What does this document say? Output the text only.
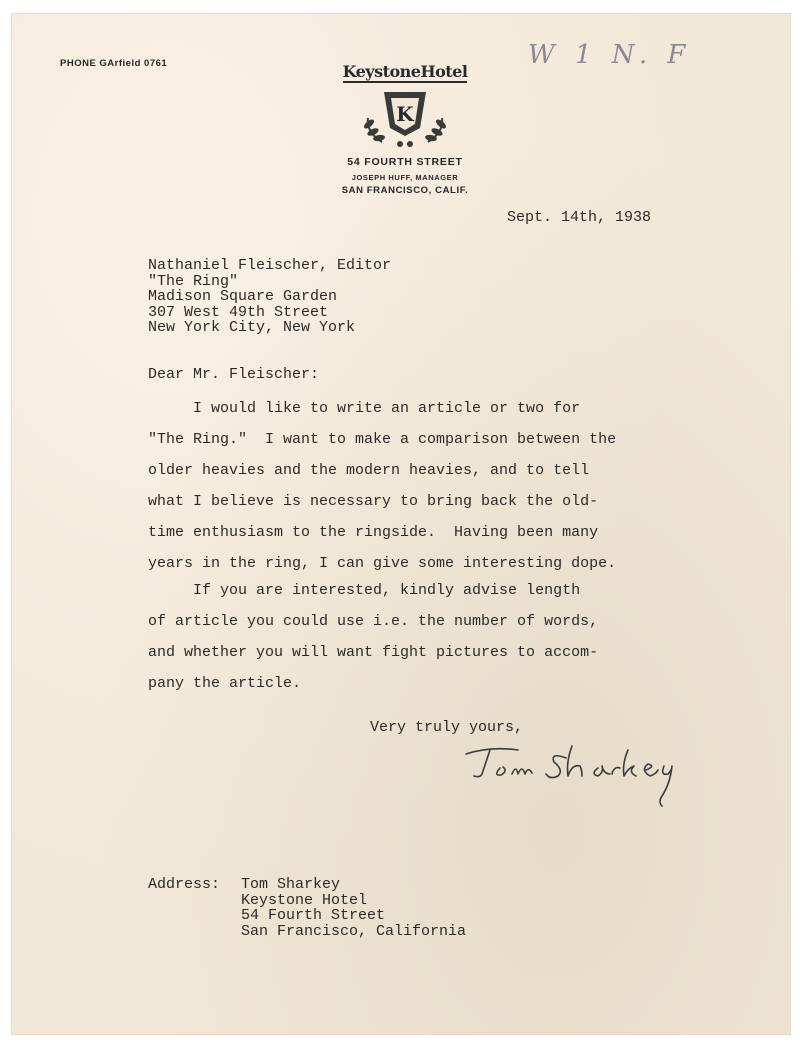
PHONE GArfield 0761	W 1 N. F
KeystoneHotel
K
54 FOURTH STREET
JOSEPH HUFF, MANAGER
SAN FRANCISCO, CALIF.
Sept. 14th, 1938
Nathaniel Fleischer, Editor
"The Ring"
Madison Square Garden
307 West 49th Street
New York City, New York
Dear Mr. Fleischer:
I would like to write an article or two for
"The Ring."  I want to make a comparison between the
older heavies and the modern heavies, and to tell
what I believe is necessary to bring back the old-
time enthusiasm to the ringside.  Having been many
years in the ring, I can give some interesting dope.
If you are interested, kindly advise length
of article you could use i.e. the number of words,
and whether you will want fight pictures to accom-
pany the article.
Very truly yours,
Address: Tom Sharkey
Keystone Hotel
54 Fourth Street
San Francisco, California
